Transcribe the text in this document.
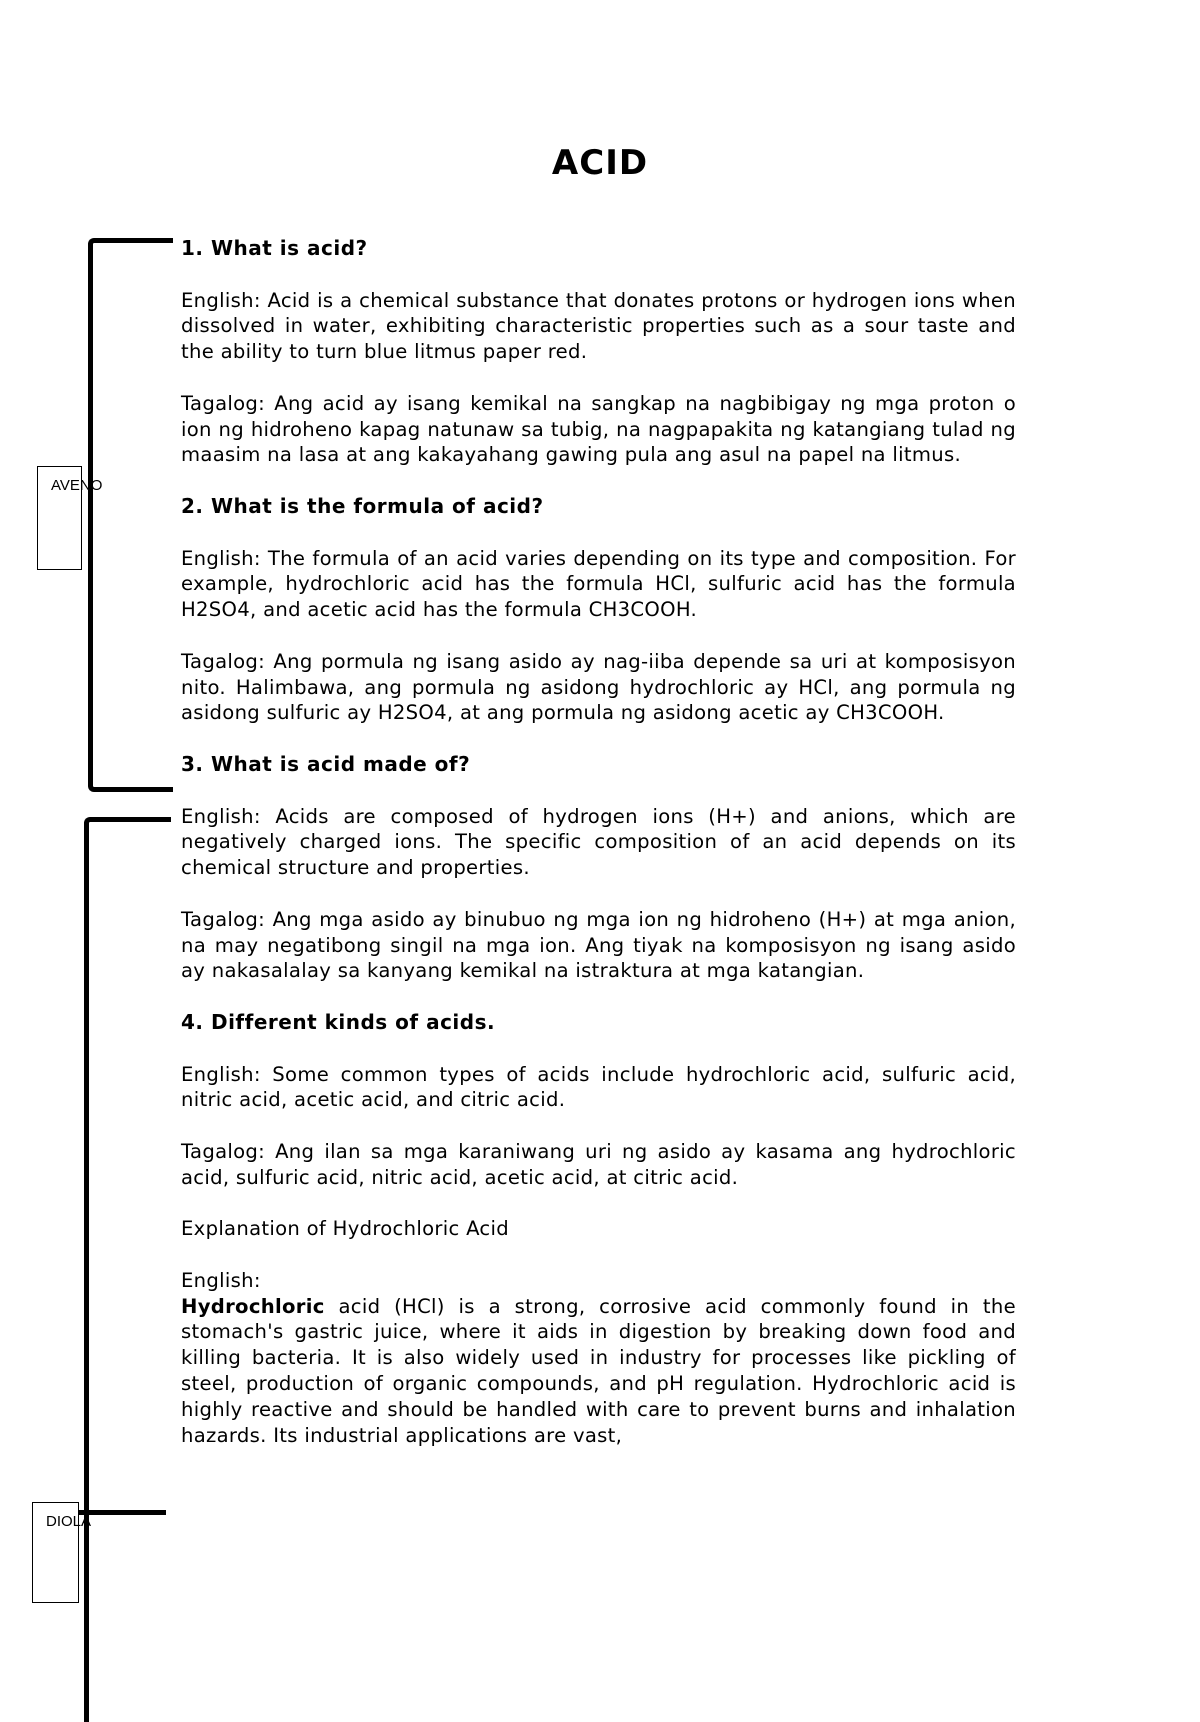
ACID
AVENO
DIOLA
1. What is acid?

English: Acid is a chemical substance that donates protons or hydrogen ions when dissolved in water, exhibiting characteristic properties such as a sour taste and the ability to turn blue litmus paper red.

Tagalog: Ang acid ay isang kemikal na sangkap na nagbibigay ng mga proton o ion ng hidroheno kapag natunaw sa tubig, na nagpapakita ng katangiang tulad ng maasim na lasa at ang kakayahang gawing pula ang asul na papel na litmus.

2. What is the formula of acid?

English: The formula of an acid varies depending on its type and composition. For example, hydrochloric acid has the formula HCl, sulfuric acid has the formula H2SO4, and acetic acid has the formula CH3COOH.

Tagalog: Ang pormula ng isang asido ay nag-iiba depende sa uri at komposisyon nito. Halimbawa, ang pormula ng asidong hydrochloric ay HCl, ang pormula ng asidong sulfuric ay H2SO4, at ang pormula ng asidong acetic ay CH3COOH.

3. What is acid made of?

English: Acids are composed of hydrogen ions (H+) and anions, which are negatively charged ions. The specific composition of an acid depends on its chemical structure and properties.

Tagalog: Ang mga asido ay binubuo ng mga ion ng hidroheno (H+) at mga anion, na may negatibong singil na mga ion. Ang tiyak na komposisyon ng isang asido ay nakasalalay sa kanyang kemikal na istraktura at mga katangian.

4. Different kinds of acids.

English: Some common types of acids include hydrochloric acid, sulfuric acid, nitric acid, acetic acid, and citric acid.

Tagalog: Ang ilan sa mga karaniwang uri ng asido ay kasama ang hydrochloric acid, sulfuric acid, nitric acid, acetic acid, at citric acid.

Explanation of Hydrochloric Acid

English:

Hydrochloric acid (HCl) is a strong, corrosive acid commonly found in the stomach's gastric juice, where it aids in digestion by breaking down food and killing bacteria. It is also widely used in industry for processes like pickling of steel, production of organic compounds, and pH regulation. Hydrochloric acid is highly reactive and should be handled with care to prevent burns and inhalation hazards. Its industrial applications are vast,
